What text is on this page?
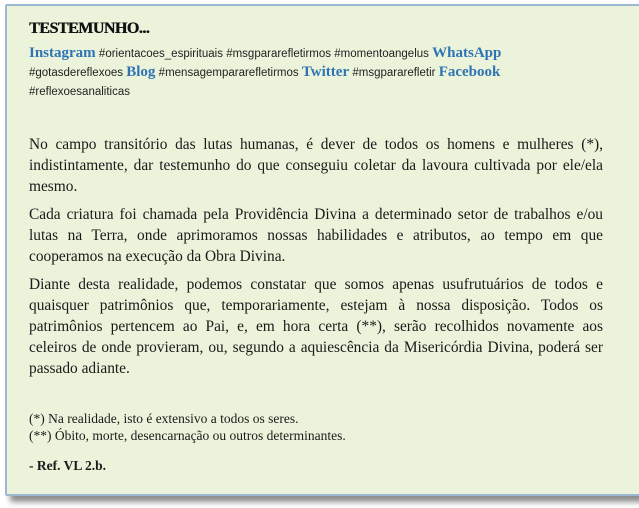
TESTEMUNHO...
Instagram #orientacoes_espirituais #msgpararefletirmos #momentoangelus WhatsApp
#gotasdereflexoes Blog #mensagempararefletirmos Twitter #msgpararefletir Facebook
#reflexoesanaliticas

No campo transitório das lutas humanas, é dever de todos os homens e mulheres (*), indistintamente, dar testemunho do que conseguiu coletar da lavoura cultivada por ele/ela mesmo.

Cada criatura foi chamada pela Providência Divina a determinado setor de trabalhos e/ou lutas na Terra, onde aprimoramos nossas habilidades e atributos, ao tempo em que cooperamos na execução da Obra Divina.

Diante desta realidade, podemos constatar que somos apenas usufrutuários de todos e quaisquer patrimônios que, temporariamente, estejam à nossa disposição. Todos os patrimônios pertencem ao Pai, e, em hora certa (**), serão recolhidos novamente aos celeiros de onde provieram, ou, segundo a aquiescência da Misericórdia Divina, poderá ser passado adiante.

(*) Na realidade, isto é extensivo a todos os seres.
(**) Óbito, morte, desencarnação ou outros determinantes.
- Ref. VL 2.b.
